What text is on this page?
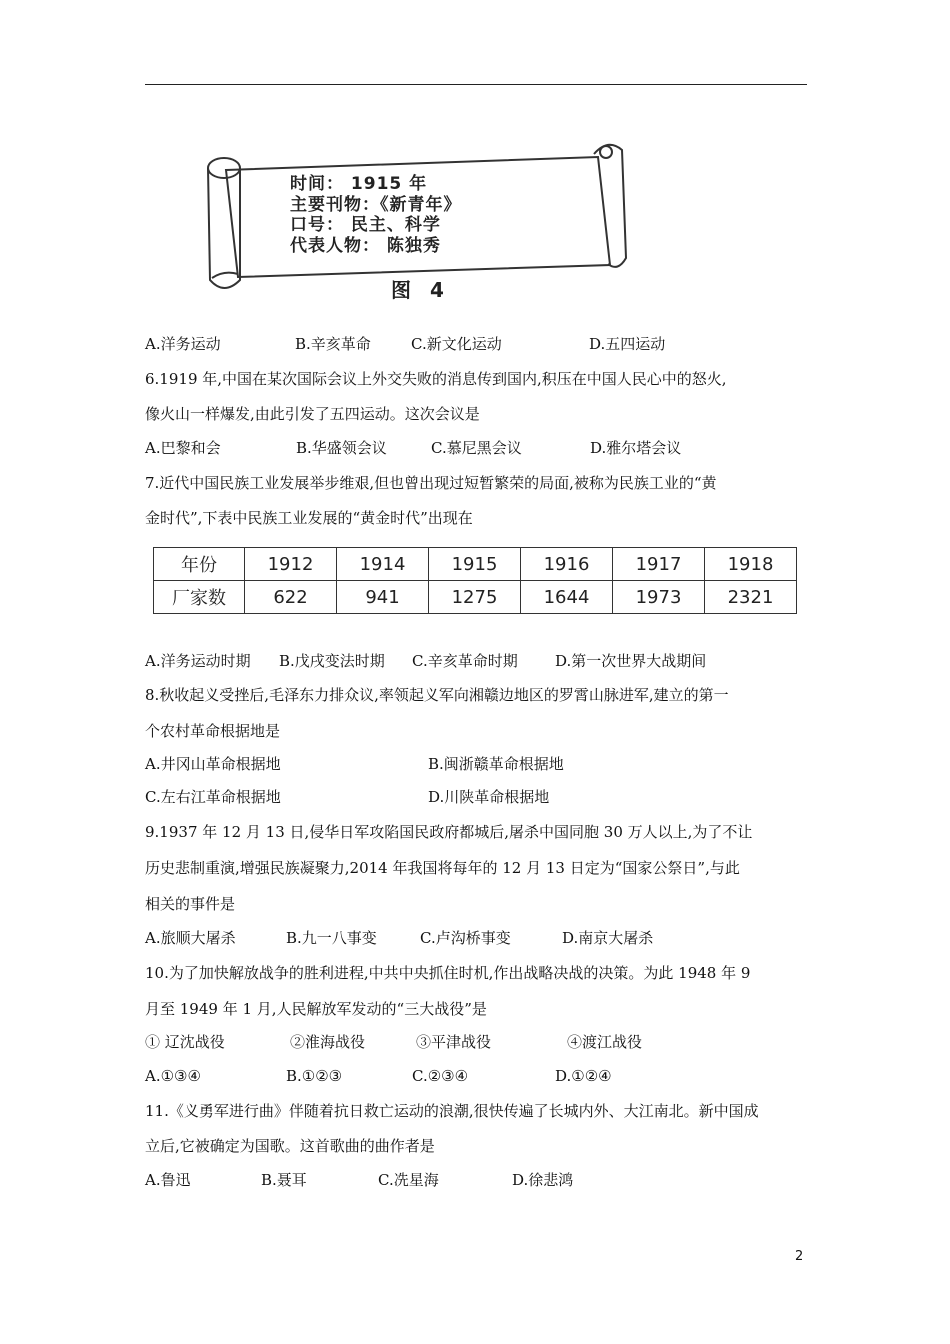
时间： 1915 年
主要刊物：《新青年》
口号： 民主、科学
代表人物： 陈独秀
图 4
A.洋务运动	B.辛亥革命	C.新文化运动	D.五四运动
6.1919 年,中国在某次国际会议上外交失败的消息传到国内,积压在中国人民心中的怒火,
像火山一样爆发,由此引发了五四运动。这次会议是
A.巴黎和会	B.华盛领会议	C.慕尼黑会议	D.雅尔塔会议
7.近代中国民族工业发展举步维艰,但也曾出现过短暂繁荣的局面,被称为民族工业的“黄
金时代”,下表中民族工业发展的“黄金时代”出现在
年份	1912	1914	1915	1916	1917	1918
厂家数	622	941	1275	1644	1973	2321
A.洋务运动时期 B.戊戌变法时期 C.辛亥革命时期 D.第一次世界大战期间
8.秋收起义受挫后,毛泽东力排众议,率领起义军向湘赣边地区的罗霄山脉进军,建立的第一
个农村革命根据地是
A.井冈山革命根据地	B.闽浙赣革命根据地
C.左右江革命根据地	D.川陕革命根据地
9.1937 年 12 月 13 日,侵华日军攻陷国民政府都城后,屠杀中国同胞 30 万人以上,为了不让
历史悲制重演,增强民族凝聚力,2014 年我国将每年的 12 月 13 日定为“国家公祭日”,与此
相关的事件是
A.旅顺大屠杀	B.九一八事变	C.卢沟桥事变	D.南京大屠杀
10.为了加快解放战争的胜利进程,中共中央抓住时机,作出战略决战的决策。为此 1948 年 9
月至 1949 年 1 月,人民解放军发动的“三大战役”是
① 辽沈战役	②淮海战役	③平津战役	④渡江战役
A.①③④	B.①②③	C.②③④	D.①②④
11.《义勇军进行曲》伴随着抗日救亡运动的浪潮,很快传遍了长城内外、大江南北。新中国成
立后,它被确定为国歌。这首歌曲的曲作者是
A.鲁迅	B.聂耳	C.冼星海	D.徐悲鸿
2
